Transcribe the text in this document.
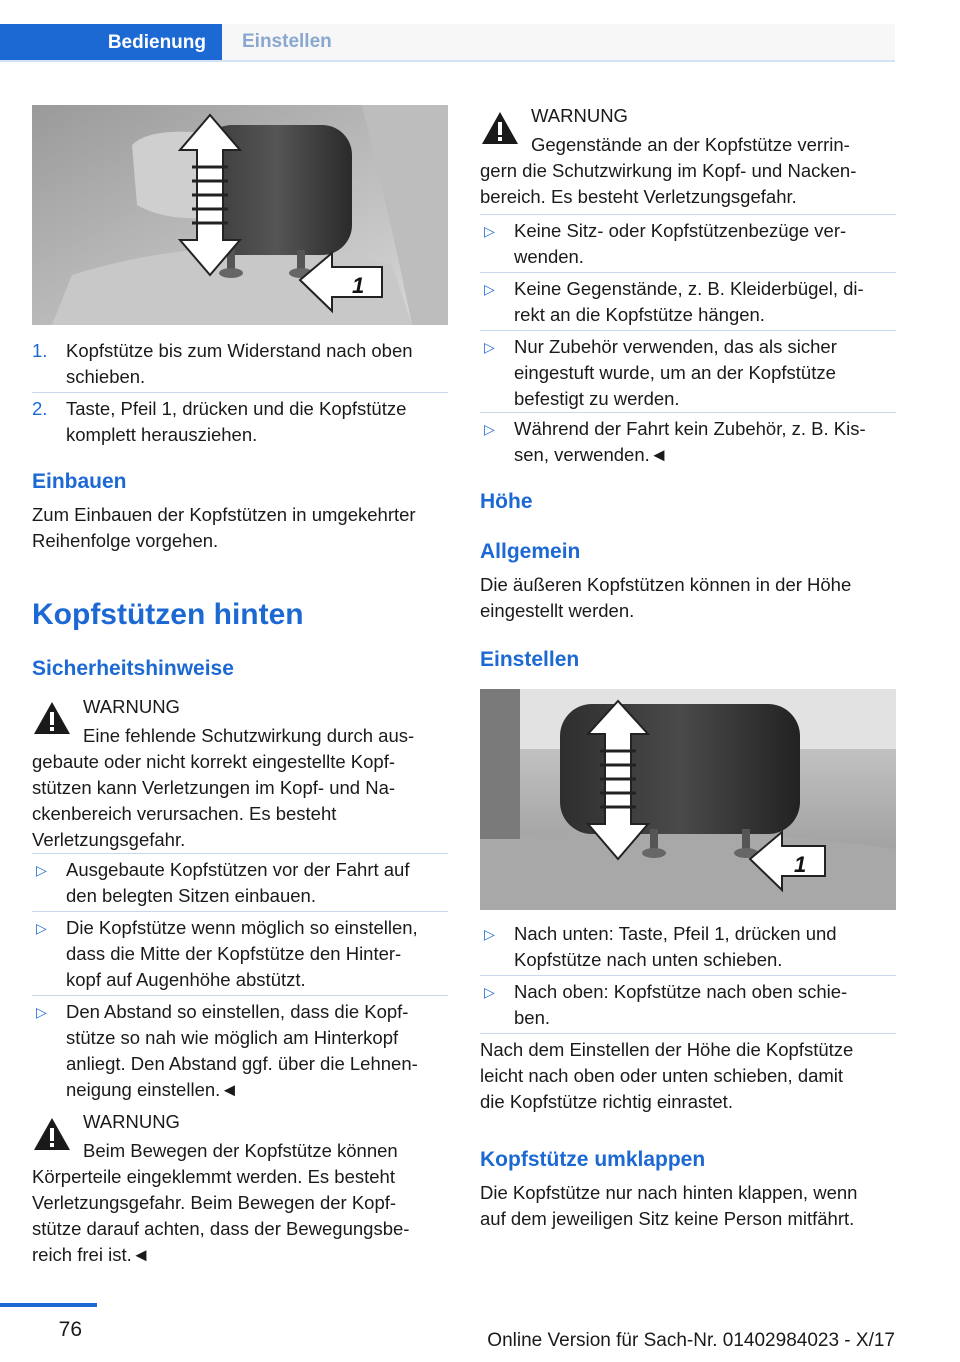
Bedienung	Einstellen
1
1. Kopfstütze bis zum Widerstand nach oben
schieben.
2. Taste, Pfeil 1, drücken und die Kopfstütze
komplett herausziehen.
Einbauen
Zum Einbauen der Kopfstützen in umgekehrter
Reihenfolge vorgehen.
Kopfstützen hinten
Sicherheitshinweise
WARNUNG
Eine fehlende Schutzwirkung durch aus-
gebaute oder nicht korrekt eingestellte Kopf-
stützen kann Verletzungen im Kopf- und Na-
ckenbereich verursachen. Es besteht
Verletzungsgefahr.
▷ Ausgebaute Kopfstützen vor der Fahrt auf
den belegten Sitzen einbauen.
▷ Die Kopfstütze wenn möglich so einstellen,
dass die Mitte der Kopfstütze den Hinter-
kopf auf Augenhöhe abstützt.
▷ Den Abstand so einstellen, dass die Kopf-
stütze so nah wie möglich am Hinterkopf
anliegt. Den Abstand ggf. über die Lehnen-
neigung einstellen.◄
WARNUNG
Beim Bewegen der Kopfstütze können
Körperteile eingeklemmt werden. Es besteht
Verletzungsgefahr. Beim Bewegen der Kopf-
stütze darauf achten, dass der Bewegungsbe-
reich frei ist.◄
WARNUNG
Gegenstände an der Kopfstütze verrin-
gern die Schutzwirkung im Kopf- und Nacken-
bereich. Es besteht Verletzungsgefahr.
▷ Keine Sitz- oder Kopfstützenbezüge ver-
wenden.
▷ Keine Gegenstände, z. B. Kleiderbügel, di-
rekt an die Kopfstütze hängen.
▷ Nur Zubehör verwenden, das als sicher
eingestuft wurde, um an der Kopfstütze
befestigt zu werden.
▷ Während der Fahrt kein Zubehör, z. B. Kis-
sen, verwenden.◄
Höhe
Allgemein
Die äußeren Kopfstützen können in der Höhe
eingestellt werden.
Einstellen
1
▷ Nach unten: Taste, Pfeil 1, drücken und
Kopfstütze nach unten schieben.
▷ Nach oben: Kopfstütze nach oben schie-
ben.
Nach dem Einstellen der Höhe die Kopfstütze
leicht nach oben oder unten schieben, damit
die Kopfstütze richtig einrastet.
Kopfstütze umklappen
Die Kopfstütze nur nach hinten klappen, wenn
auf dem jeweiligen Sitz keine Person mitfährt.
76	Online Version für Sach-Nr. 01402984023 - X/17
